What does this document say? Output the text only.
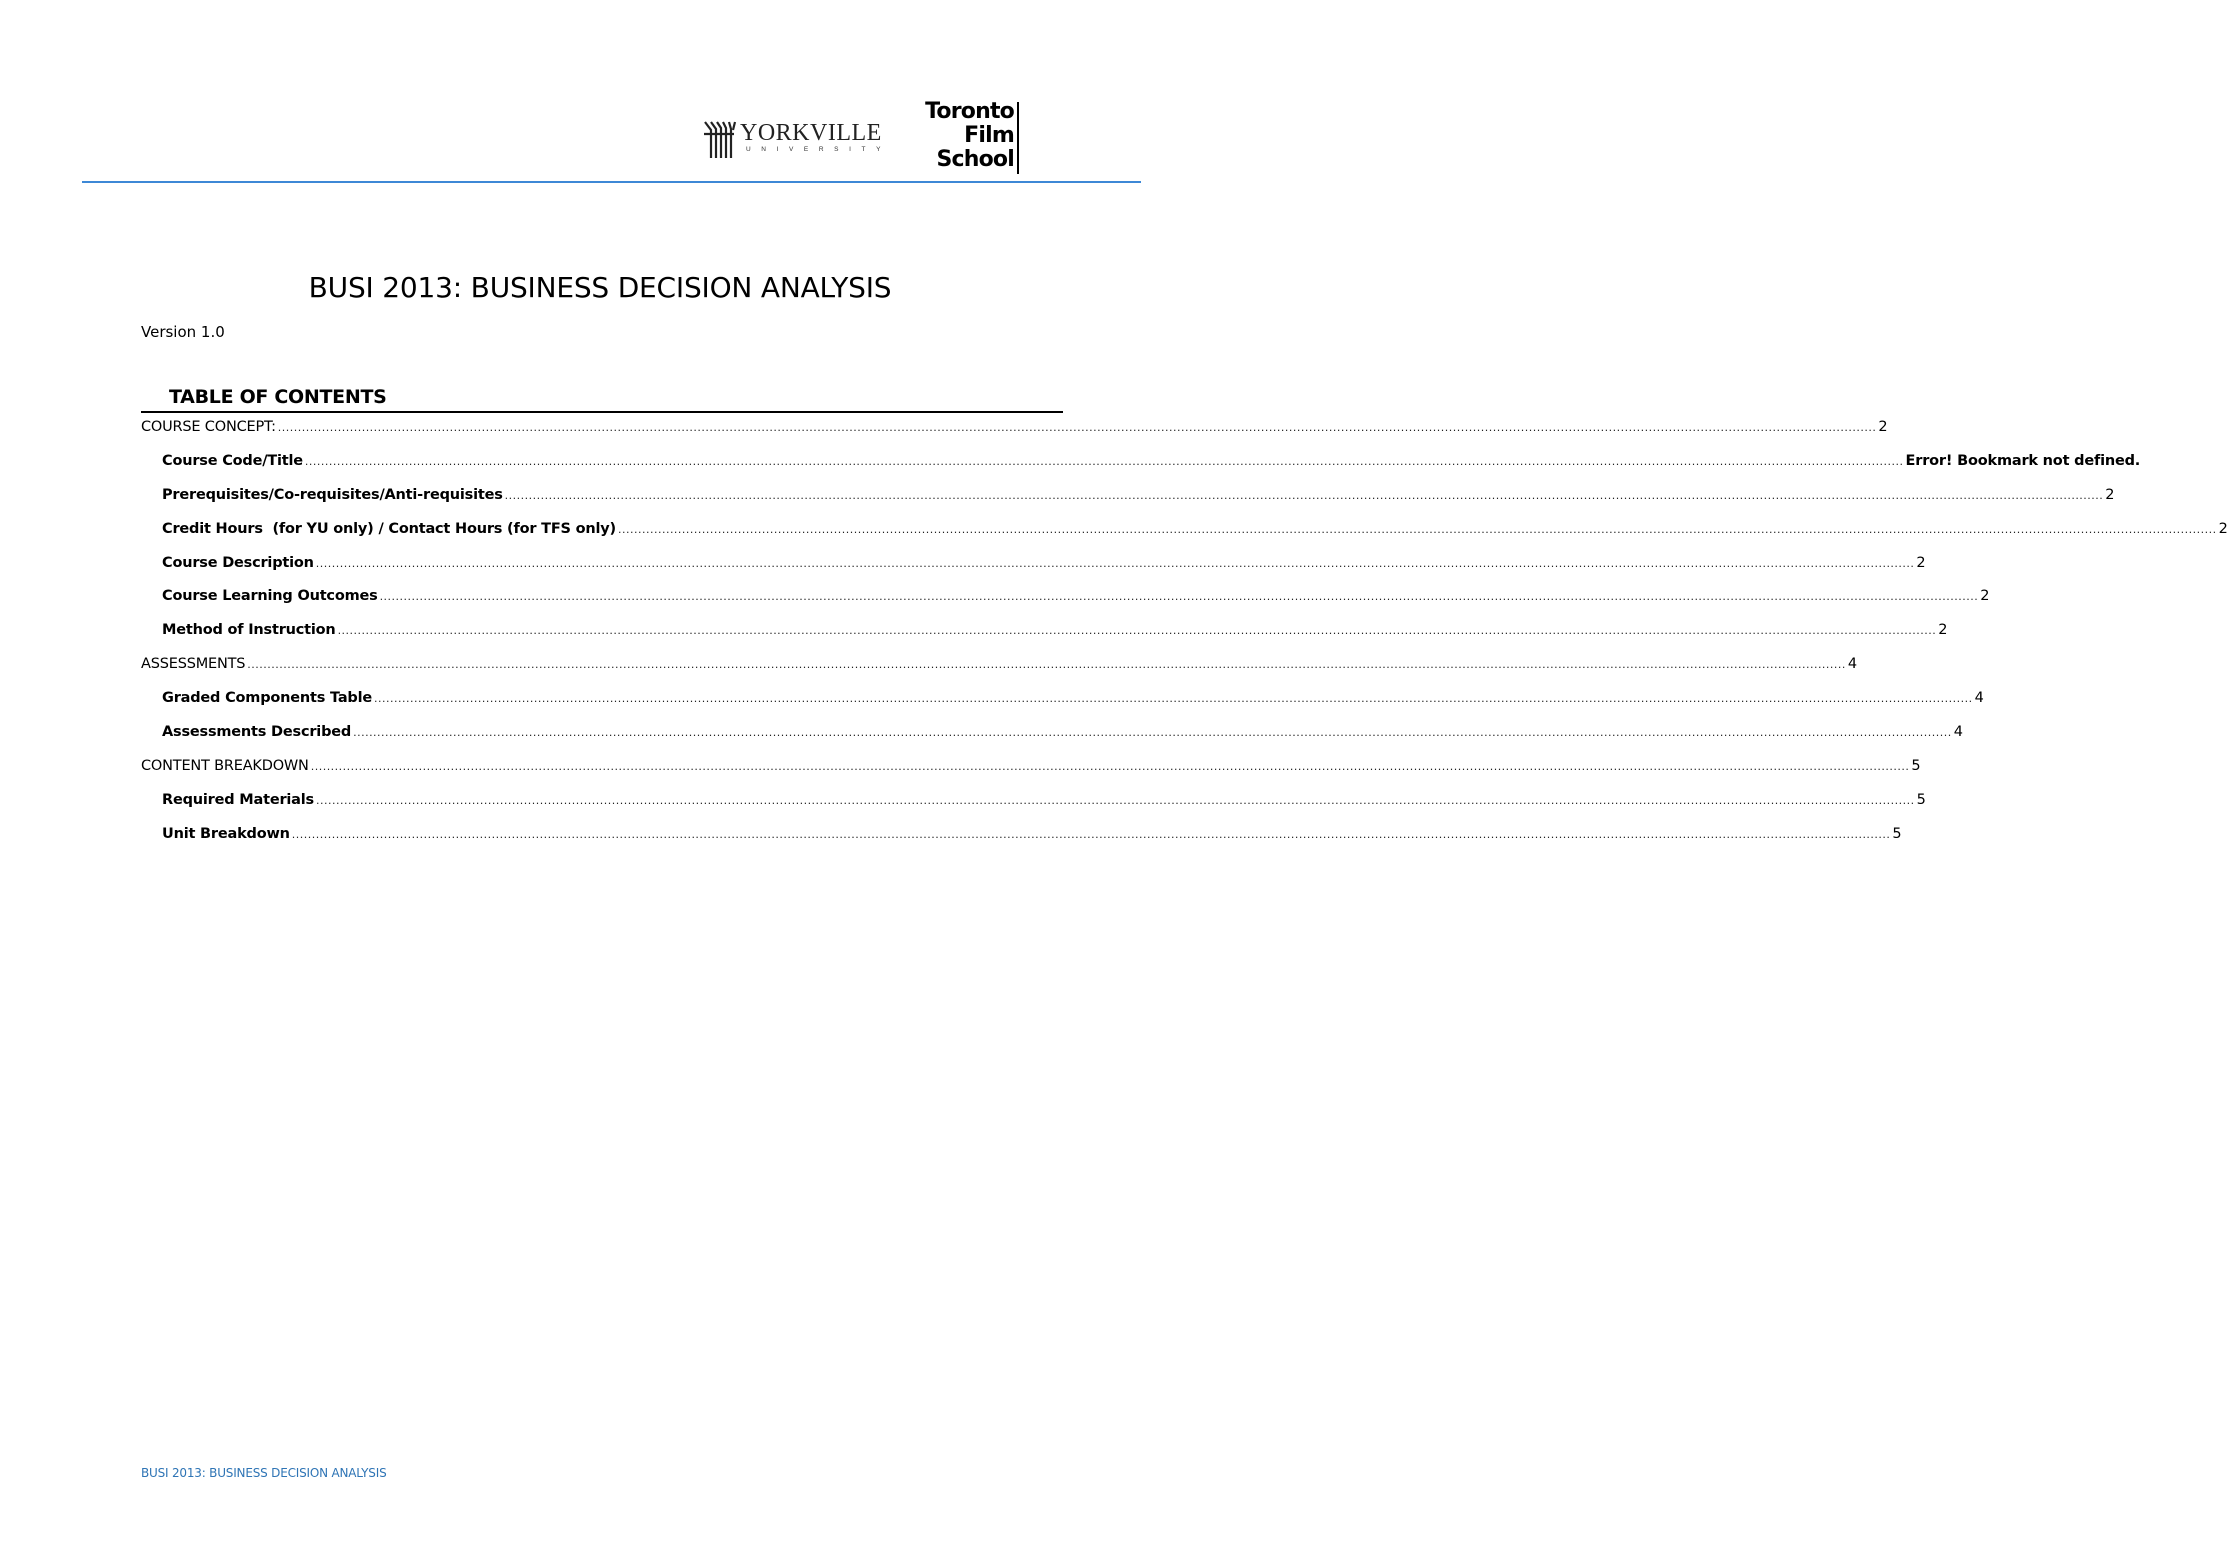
YORKVILLE
UNIVERSITY
Toronto
Film
School
BUSI 2013: BUSINESS DECISION ANALYSIS
Version 1.0
TABLE OF CONTENTS
COURSE CONCEPT: ................................................................................................................................................................................................................................................................................................................................................................................................................ 2
Course Code/Title ................................................................................................................................................................................................................................................................................................................................................................................................................ Error! Bookmark not defined.
Prerequisites/Co-requisites/Anti-requisites ................................................................................................................................................................................................................................................................................................................................................................................................................ 2
Credit Hours  (for YU only) / Contact Hours (for TFS only) ................................................................................................................................................................................................................................................................................................................................................................................................................ 2
Course Description ................................................................................................................................................................................................................................................................................................................................................................................................................ 2
Course Learning Outcomes ................................................................................................................................................................................................................................................................................................................................................................................................................ 2
Method of Instruction ................................................................................................................................................................................................................................................................................................................................................................................................................ 2
ASSESSMENTS ................................................................................................................................................................................................................................................................................................................................................................................................................ 4
Graded Components Table ................................................................................................................................................................................................................................................................................................................................................................................................................ 4
Assessments Described ................................................................................................................................................................................................................................................................................................................................................................................................................ 4
CONTENT BREAKDOWN ................................................................................................................................................................................................................................................................................................................................................................................................................ 5
Required Materials ................................................................................................................................................................................................................................................................................................................................................................................................................ 5
Unit Breakdown ................................................................................................................................................................................................................................................................................................................................................................................................................ 5
BUSI 2013: BUSINESS DECISION ANALYSIS
